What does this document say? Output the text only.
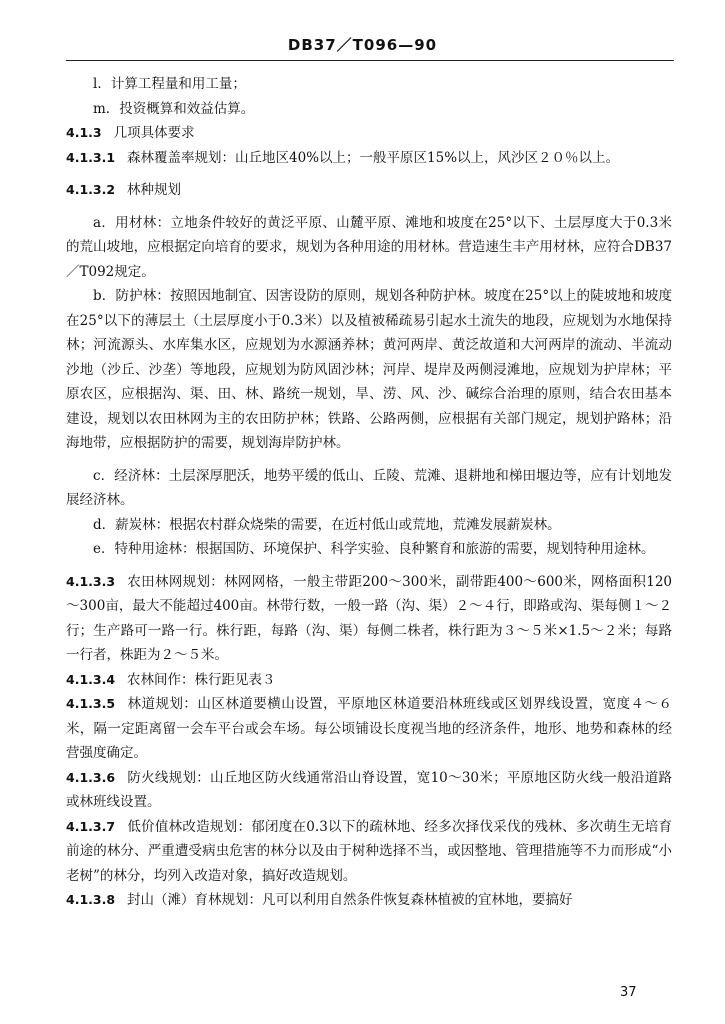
DB37／T096—90

l．计算工程量和用工量；

m．投资概算和效益估算。

4.1.3 几项具体要求

4.1.3.1 森林覆盖率规划：山丘地区40%以上；一般平原区15%以上，风沙区２０％以上。

4.1.3.2 林种规划

a．用材林：立地条件较好的黄泛平原、山麓平原、滩地和坡度在25°以下、土层厚度大于0.3米的荒山坡地，应根据定向培育的要求，规划为各种用途的用材林。营造速生丰产用材林，应符合DB37／T092规定。

b．防护林：按照因地制宜、因害设防的原则，规划各种防护林。坡度在25°以上的陡坡地和坡度在25°以下的薄层土（土层厚度小于0.3米）以及植被稀疏易引起水土流失的地段，应规划为水地保持林；河流源头、水库集水区，应规划为水源涵养林；黄河两岸、黄泛故道和大河两岸的流动、半流动沙地（沙丘、沙垄）等地段，应规划为防风固沙林；河岸、堤岸及两侧浸滩地，应规划为护岸林；平原农区，应根据沟、渠、田、林、路统一规划，旱、涝、风、沙、碱综合治理的原则，结合农田基本建设，规划以农田林网为主的农田防护林；铁路、公路两侧，应根据有关部门规定，规划护路林；沿海地带，应根据防护的需要，规划海岸防护林。

c．经济林：土层深厚肥沃，地势平缓的低山、丘陵、荒滩、退耕地和梯田堰边等，应有计划地发展经济林。

d．薪炭林：根据农村群众烧柴的需要，在近村低山或荒地，荒滩发展薪炭林。

e．特种用途林：根据国防、环境保护、科学实验、良种繁育和旅游的需要，规划特种用途林。

4.1.3.3 农田林网规划：林网网格，一般主带距200～300米，副带距400～600米，网格面积120～300亩，最大不能超过400亩。林带行数，一般一路（沟、渠）２～４行，即路或沟、渠每侧１～２行；生产路可一路一行。株行距，每路（沟、渠）每侧二株者，株行距为３～５米×1.5～２米；每路一行者，株距为２～５米。

4.1.3.4 农林间作：株行距见表３

4.1.3.5 林道规划：山区林道要横山设置，平原地区林道要沿林班线或区划界线设置，宽度４～６米，隔一定距离留一会车平台或会车场。每公顷铺设长度视当地的经济条件，地形、地势和森林的经营强度确定。

4.1.3.6 防火线规划：山丘地区防火线通常沿山脊设置，宽10～30米；平原地区防火线一般沿道路或林班线设置。

4.1.3.7 低价值林改造规划：郁闭度在0.3以下的疏林地、经多次择伐采伐的残林、多次萌生无培育前途的林分、严重遭受病虫危害的林分以及由于树种选择不当，或因整地、管理措施等不力而形成“小老树”的林分，均列入改造对象，搞好改造规划。

4.1.3.8 封山（滩）育林规划：凡可以利用自然条件恢复森林植被的宜林地，要搞好

37
